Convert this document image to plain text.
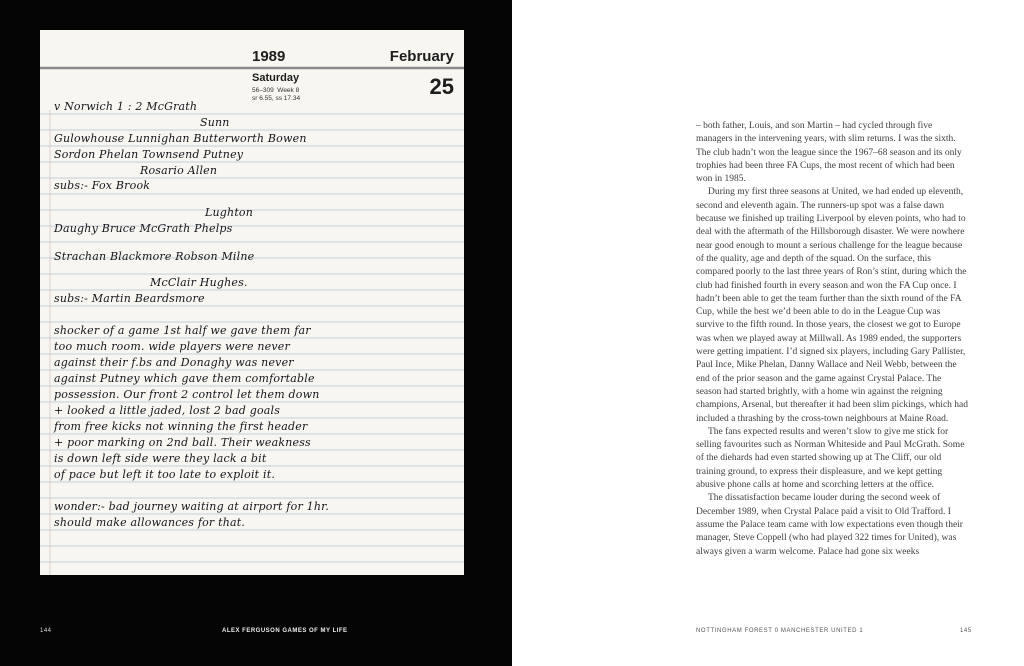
1989	February
Saturday
56–309  Week 8
sr 6.55, ss 17.34	25
v Norwich 1 : 2 McGrath
Sunn
Gulowhouse Lunnighan Butterworth Bowen
Sordon Phelan Townsend Putney
Rosario Allen
subs:- Fox Brook
Lughton
Daughy Bruce McGrath Phelps
Strachan Blackmore Robson Milne
McClair Hughes.
subs:- Martin Beardsmore
shocker of a game 1st half we gave them far
too much room. wide players were never
against their f.bs and Donaghy was never
against Putney which gave them comfortable
possession. Our front 2 control let them down
+ looked a little jaded, lost 2 bad goals
from free kicks not winning the first header
+ poor marking on 2nd ball. Their weakness
is down left side were they lack a bit
of pace but left it too late to exploit it.
wonder:- bad journey waiting at airport for 1hr.
should make allowances for that.
144	ALEX FERGUSON GAMES OF MY LIFE

– both father, Louis, and son Martin – had cycled through five managers in the intervening years, with slim returns. I was the sixth. The club hadn’t won the league since the 1967–68 season and its only trophies had been three FA Cups, the most recent of which had been won in 1985.

During my first three seasons at United, we had ended up eleventh, second and eleventh again. The runners-up spot was a false dawn because we finished up trailing Liverpool by eleven points, who had to deal with the aftermath of the Hillsborough disaster. We were nowhere near good enough to mount a serious challenge for the league because of the quality, age and depth of the squad. On the surface, this compared poorly to the last three years of Ron’s stint, during which the club had finished fourth in every season and won the FA Cup once. I hadn’t been able to get the team further than the sixth round of the FA Cup, while the best we’d been able to do in the League Cup was survive to the fifth round. In those years, the closest we got to Europe was when we played away at Millwall. As 1989 ended, the supporters were getting impatient. I’d signed six players, including Gary Pallister, Paul Ince, Mike Phelan, Danny Wallace and Neil Webb, between the end of the prior season and the game against Crystal Palace. The season had started brightly, with a home win against the reigning champions, Arsenal, but thereafter it had been slim pickings, which had included a thrashing by the cross-town neighbours at Maine Road.

The fans expected results and weren’t slow to give me stick for selling favourites such as Norman Whiteside and Paul McGrath. Some of the diehards had even started showing up at The Cliff, our old training ground, to express their displeasure, and we kept getting abusive phone calls at home and scorching letters at the office.

The dissatisfaction became louder during the second week of December 1989, when Crystal Palace paid a visit to Old Trafford. I assume the Palace team came with low expectations even though their manager, Steve Coppell (who had played 322 times for United), was always given a warm welcome. Palace had gone six weeks

NOTTINGHAM FOREST 0 MANCHESTER UNITED 1	145
